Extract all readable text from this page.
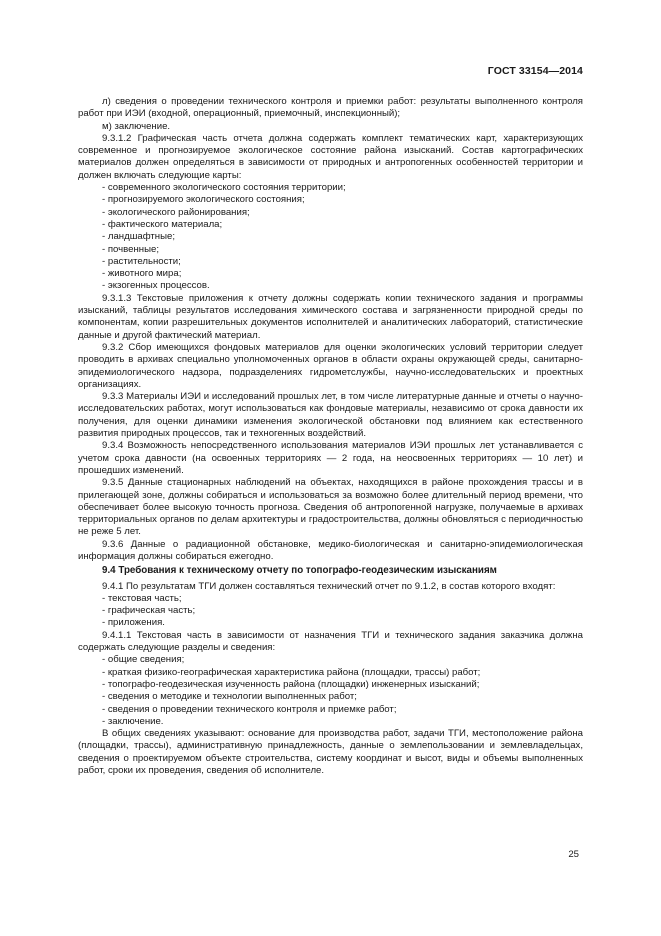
ГОСТ 33154—2014

л) сведения о проведении технического контроля и приемки работ: результаты выполненного контроля работ при ИЭИ (входной, операционный, приемочный, инспекционный);

м) заключение.

9.3.1.2 Графическая часть отчета должна содержать комплект тематических карт, характеризующих современное и прогнозируемое экологическое состояние района изысканий. Состав картографических материалов должен определяться в зависимости от природных и антропогенных особенностей территории и должен включать следующие карты:

- современного экологического состояния территории;
- прогнозируемого экологического состояния;
- экологического районирования;
- фактического материала;
- ландшафтные;
- почвенные;
- растительности;
- животного мира;
- экзогенных процессов.

9.3.1.3 Текстовые приложения к отчету должны содержать копии технического задания и программы изысканий, таблицы результатов исследования химического состава и загрязненности природной среды по компонентам, копии разрешительных документов исполнителей и аналитических лабораторий, статистические данные и другой фактический материал.

9.3.2 Сбор имеющихся фондовых материалов для оценки экологических условий территории следует проводить в архивах специально уполномоченных органов в области охраны окружающей среды, санитарно-эпидемиологического надзора, подразделениях гидрометслужбы, научно-исследовательских и проектных организациях.

9.3.3 Материалы ИЭИ и исследований прошлых лет, в том числе литературные данные и отчеты о научно-исследовательских работах, могут использоваться как фондовые материалы, независимо от срока давности их получения, для оценки динамики изменения экологической обстановки под влиянием как естественного развития природных процессов, так и техногенных воздействий.

9.3.4 Возможность непосредственного использования материалов ИЭИ прошлых лет устанавливается с учетом срока давности (на освоенных территориях — 2 года, на неосвоенных территориях — 10 лет) и прошедших изменений.

9.3.5 Данные стационарных наблюдений на объектах, находящихся в районе прохождения трассы и в прилегающей зоне, должны собираться и использоваться за возможно более длительный период времени, что обеспечивает более высокую точность прогноза. Сведения об антропогенной нагрузке, получаемые в архивах территориальных органов по делам архитектуры и градостроительства, должны обновляться с периодичностью не реже 5 лет.

9.3.6 Данные о радиационной обстановке, медико-биологическая и санитарно-эпидемиологическая информация должны собираться ежегодно.

9.4 Требования к техническому отчету по топографо-геодезическим изысканиям

9.4.1 По результатам ТГИ должен составляться технический отчет по 9.1.2, в состав которого входят:

- текстовая часть;
- графическая часть;
- приложения.

9.4.1.1 Текстовая часть в зависимости от назначения ТГИ и технического задания заказчика должна содержать следующие разделы и сведения:

- общие сведения;
- краткая физико-географическая характеристика района (площадки, трассы) работ;
- топографо-геодезическая изученность района (площадки) инженерных изысканий;
- сведения о методике и технологии выполненных работ;
- сведения о проведении технического контроля и приемке работ;
- заключение.

В общих сведениях указывают: основание для производства работ, задачи ТГИ, местоположение района (площадки, трассы), административную принадлежность, данные о землепользовании и землевладельцах, сведения о проектируемом объекте строительства, систему координат и высот, виды и объемы выполненных работ, сроки их проведения, сведения об исполнителе.

25
